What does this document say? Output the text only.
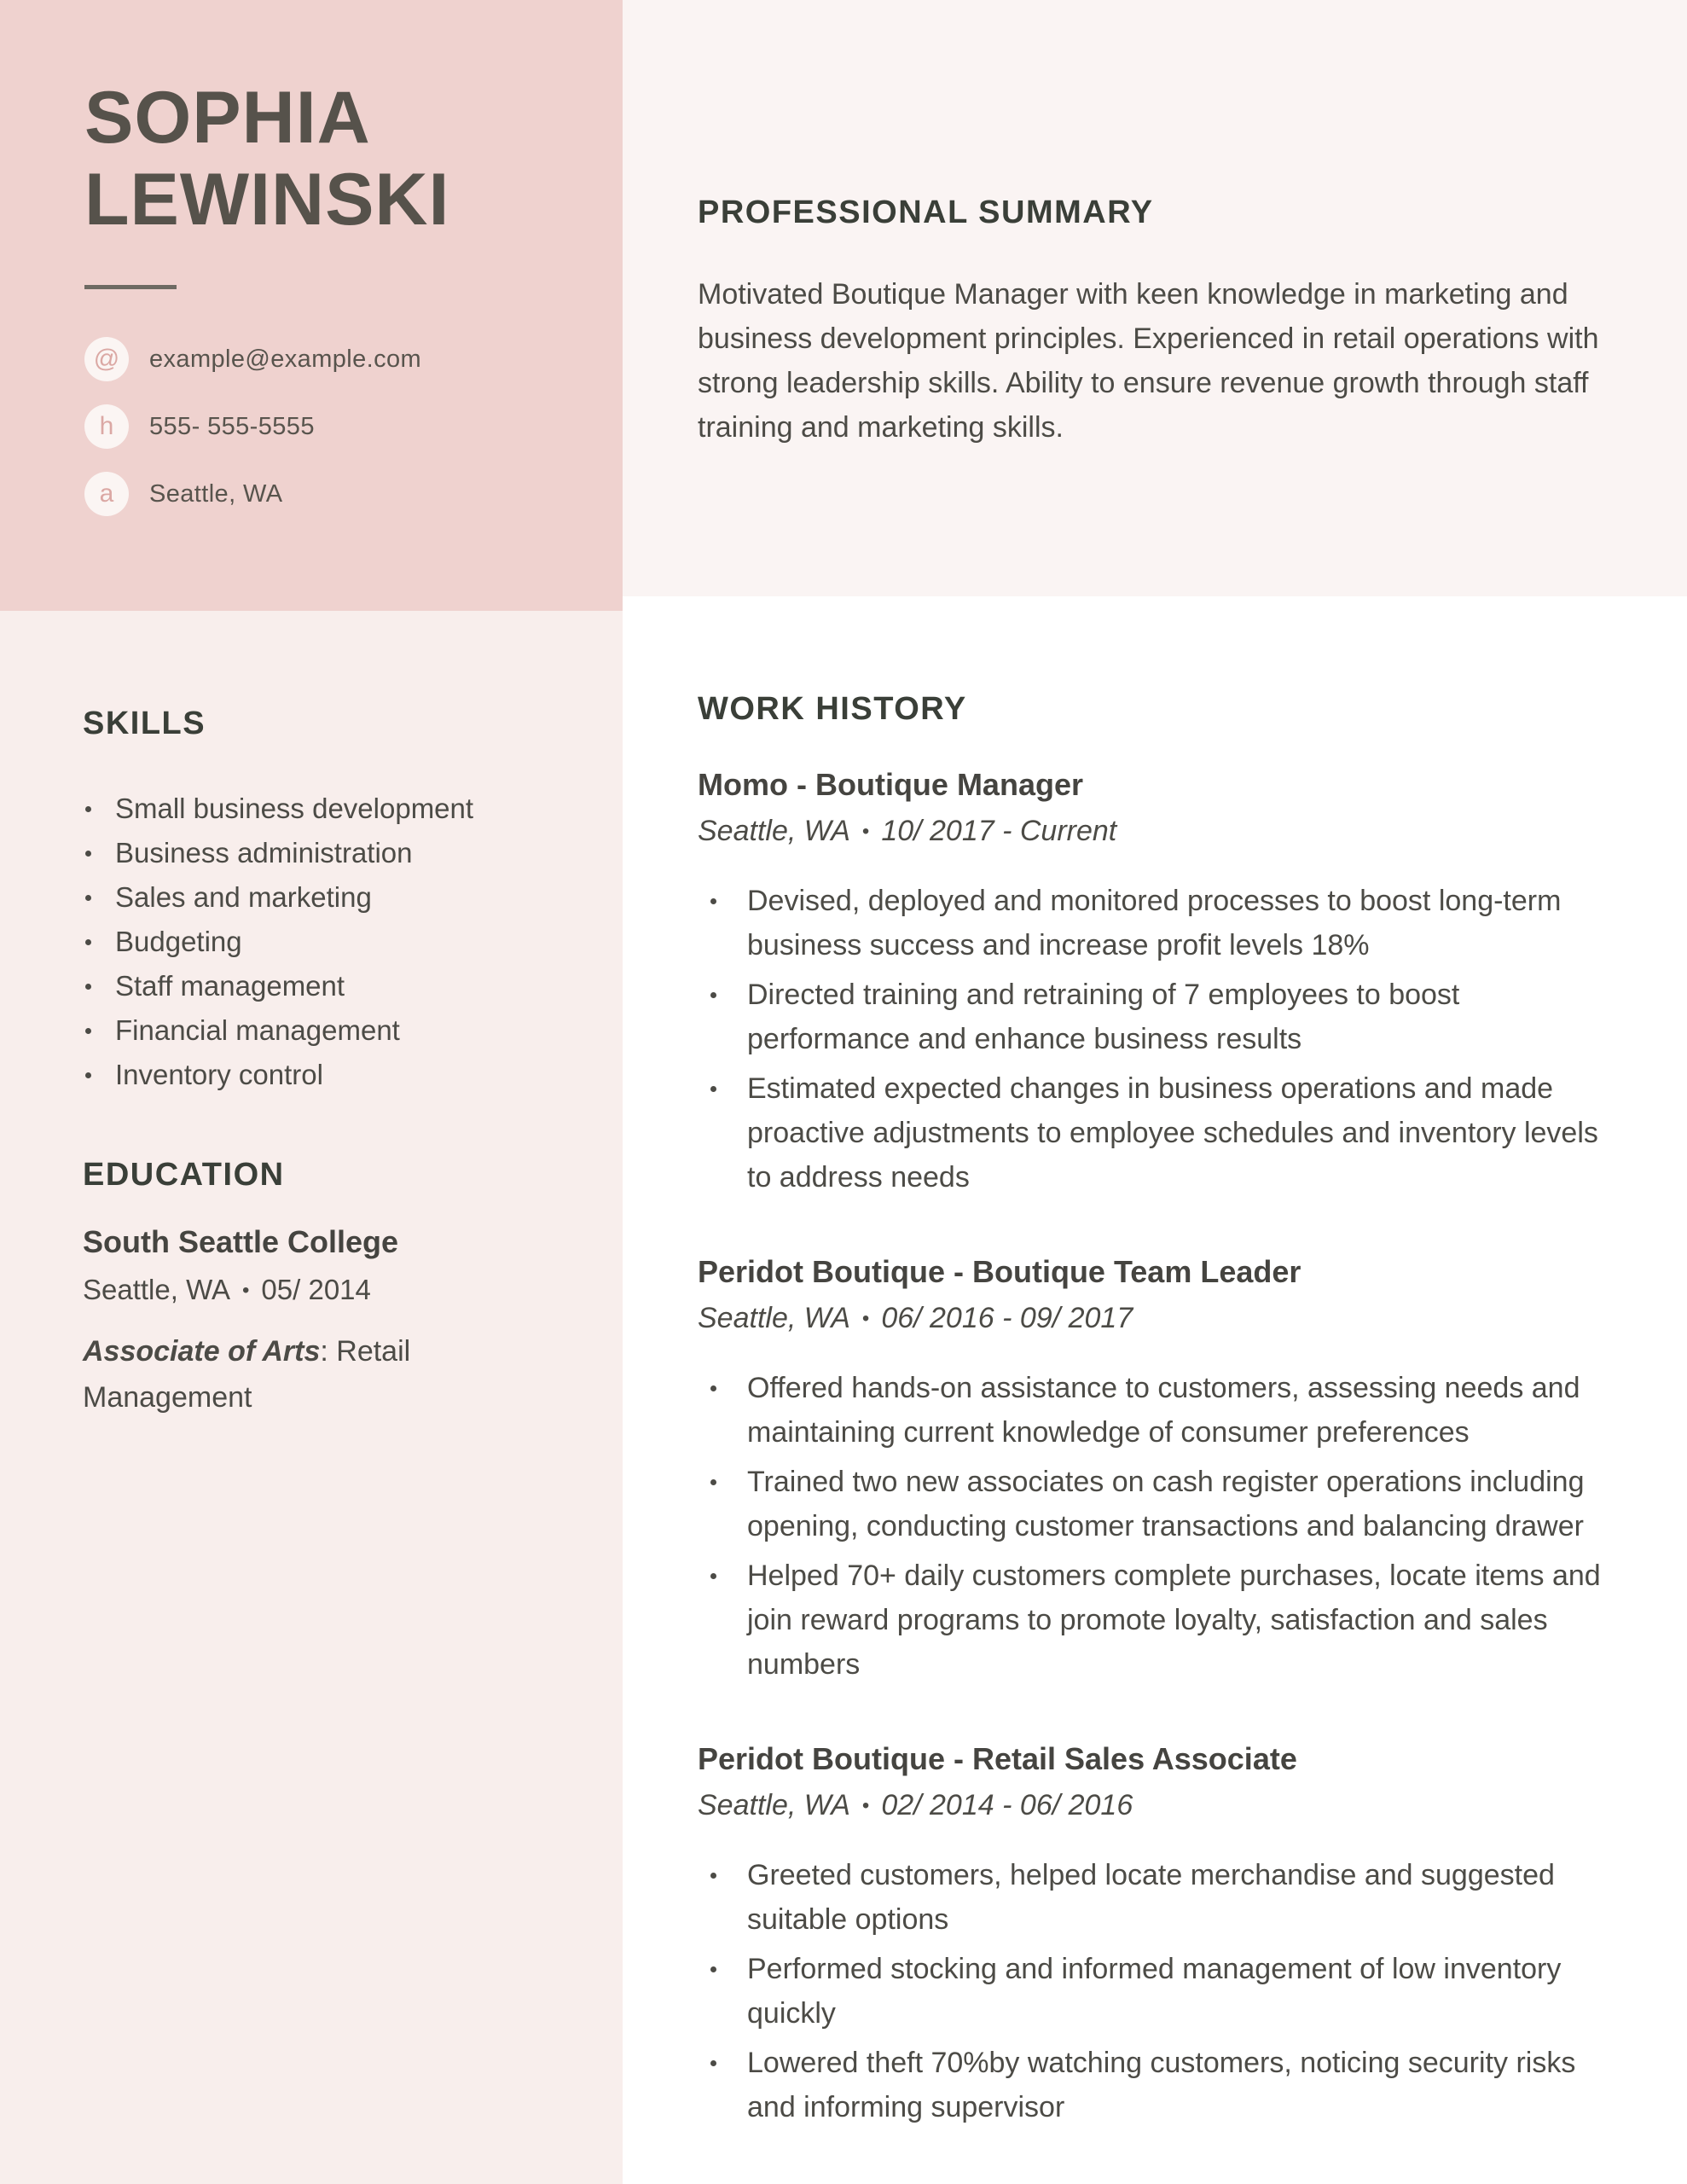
SOPHIA
LEWINSKI
@	example@example.com
h	555- 555-5555
a	Seattle, WA
SKILLS
Small business development
Business administration
Sales and marketing
Budgeting
Staff management
Financial management
Inventory control
EDUCATION
South Seattle College
Seattle, WA • 05/ 2014
Associate of Arts: Retail Management
PROFESSIONAL SUMMARY

Motivated Boutique Manager with keen knowledge in marketing and business development principles. Experienced in retail operations with strong leadership skills. Ability to ensure revenue growth through staff training and marketing skills.

WORK HISTORY
Momo - Boutique Manager
Seattle, WA • 10/ 2017 - Current
Devised, deployed and monitored processes to boost long-term business success and increase profit levels 18%
Directed training and retraining of 7 employees to boost performance and enhance business results
Estimated expected changes in business operations and made proactive adjustments to employee schedules and inventory levels to address needs
Peridot Boutique - Boutique Team Leader
Seattle, WA • 06/ 2016 - 09/ 2017
Offered hands-on assistance to customers, assessing needs and maintaining current knowledge of consumer preferences
Trained two new associates on cash register operations including opening, conducting customer transactions and balancing drawer
Helped 70+ daily customers complete purchases, locate items and join reward programs to promote loyalty, satisfaction and sales numbers
Peridot Boutique - Retail Sales Associate
Seattle, WA • 02/ 2014 - 06/ 2016
Greeted customers, helped locate merchandise and suggested suitable options
Performed stocking and informed management of low inventory quickly
Lowered theft 70%by watching customers, noticing security risks and informing supervisor
